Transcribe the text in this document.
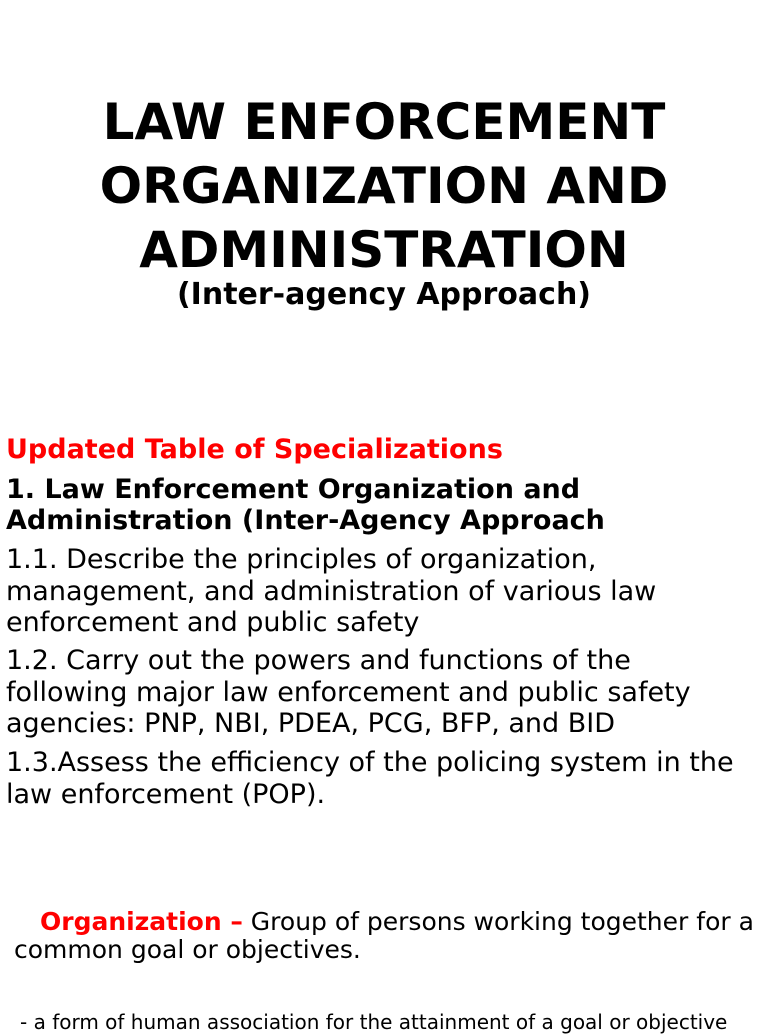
LAW ENFORCEMENT
ORGANIZATION AND
ADMINISTRATION

(Inter-agency Approach)

Updated Table of Specializations

1. Law Enforcement Organization and Administration (Inter-Agency Approach

1.1. Describe the principles of organization, management, and administration of various law enforcement and public safety

1.2. Carry out the powers and functions of the following major law enforcement and public safety agencies: PNP, NBI, PDEA, PCG, BFP, and BID

1.3.Assess the efficiency of the policing system in the law enforcement (POP).

Organization – Group of persons working together for a common goal or objectives.

- a form of human association for the attainment of a goal or objective
